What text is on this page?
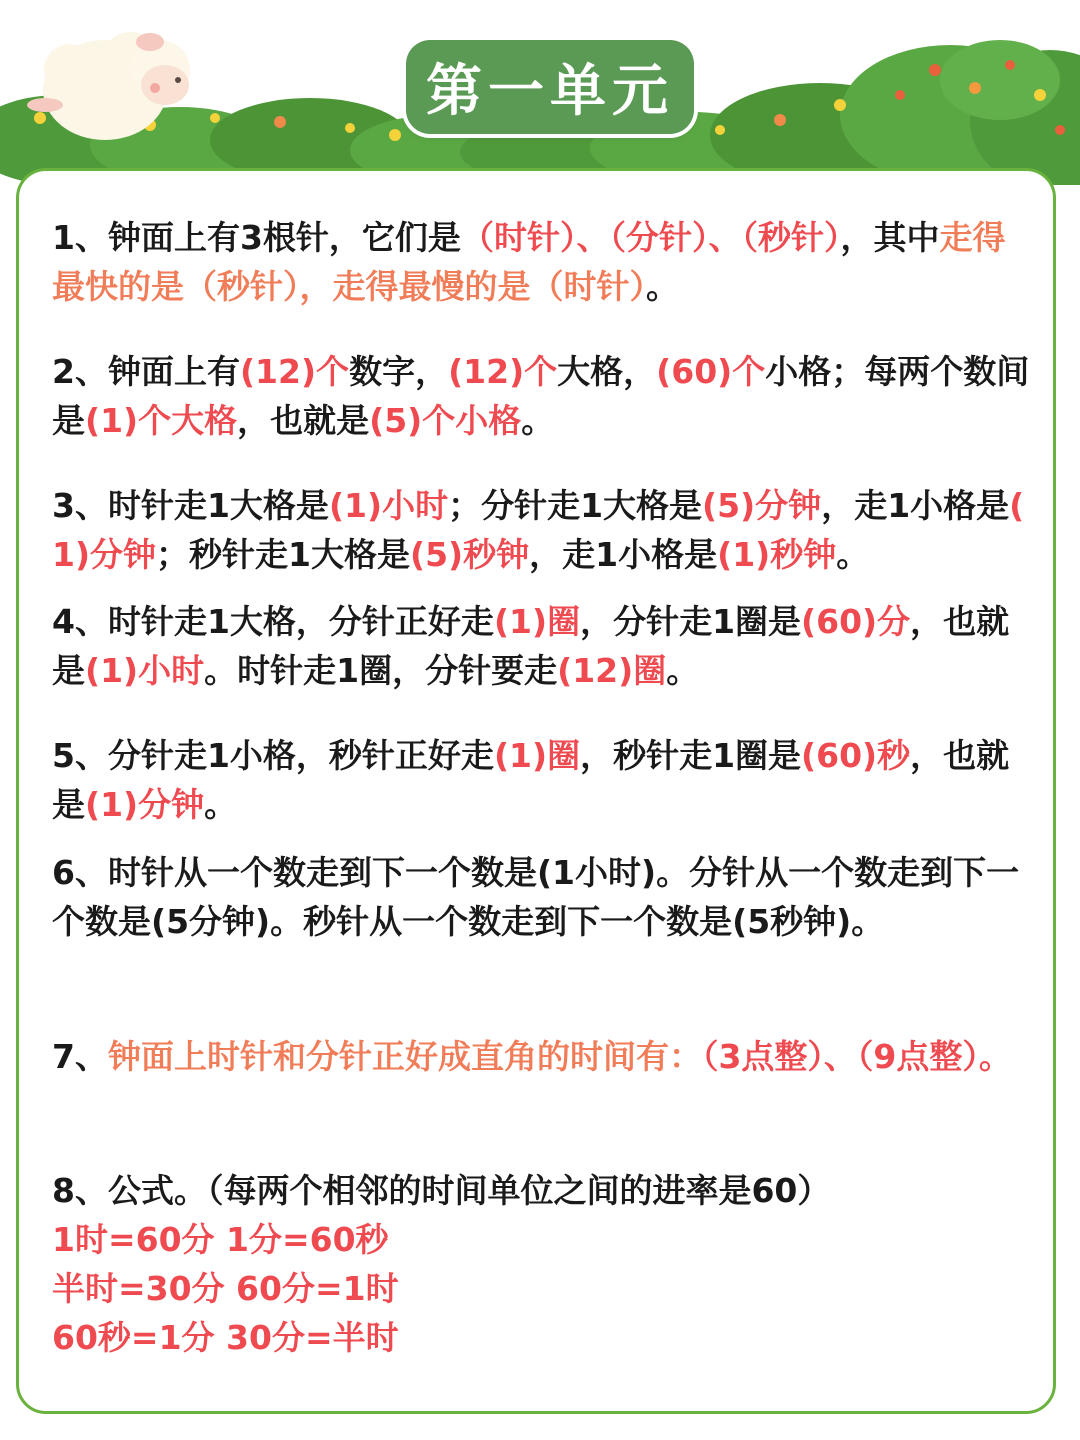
第一单元
1、钟面上有3根针，它们是（时针）、（分针）、（秒针），其中走得最快的是（秒针），走得最慢的是（时针）。
2、钟面上有(12)个数字，(12)个大格，(60)个小格；每两个数间是(1)个大格，也就是(5)个小格。
3、时针走1大格是(1)小时；分针走1大格是(5)分钟，走1小格是( 1)分钟；秒针走1大格是(5)秒钟，走1小格是(1)秒钟。
4、时针走1大格，分针正好走(1)圈，分针走1圈是(60)分，也就是(1)小时。时针走1圈，分针要走(12)圈。
5、分针走1小格，秒针正好走(1)圈，秒针走1圈是(60)秒，也就是(1)分钟。
6、时针从一个数走到下一个数是(1小时)。分针从一个数走到下一个数是(5分钟)。秒针从一个数走到下一个数是(5秒钟)。
7、钟面上时针和分针正好成直角的时间有：（3点整）、（9点整）。
8、公式。（每两个相邻的时间单位之间的进率是60）
1时=60分 1分=60秒
半时=30分 60分=1时
60秒=1分 30分=半时
